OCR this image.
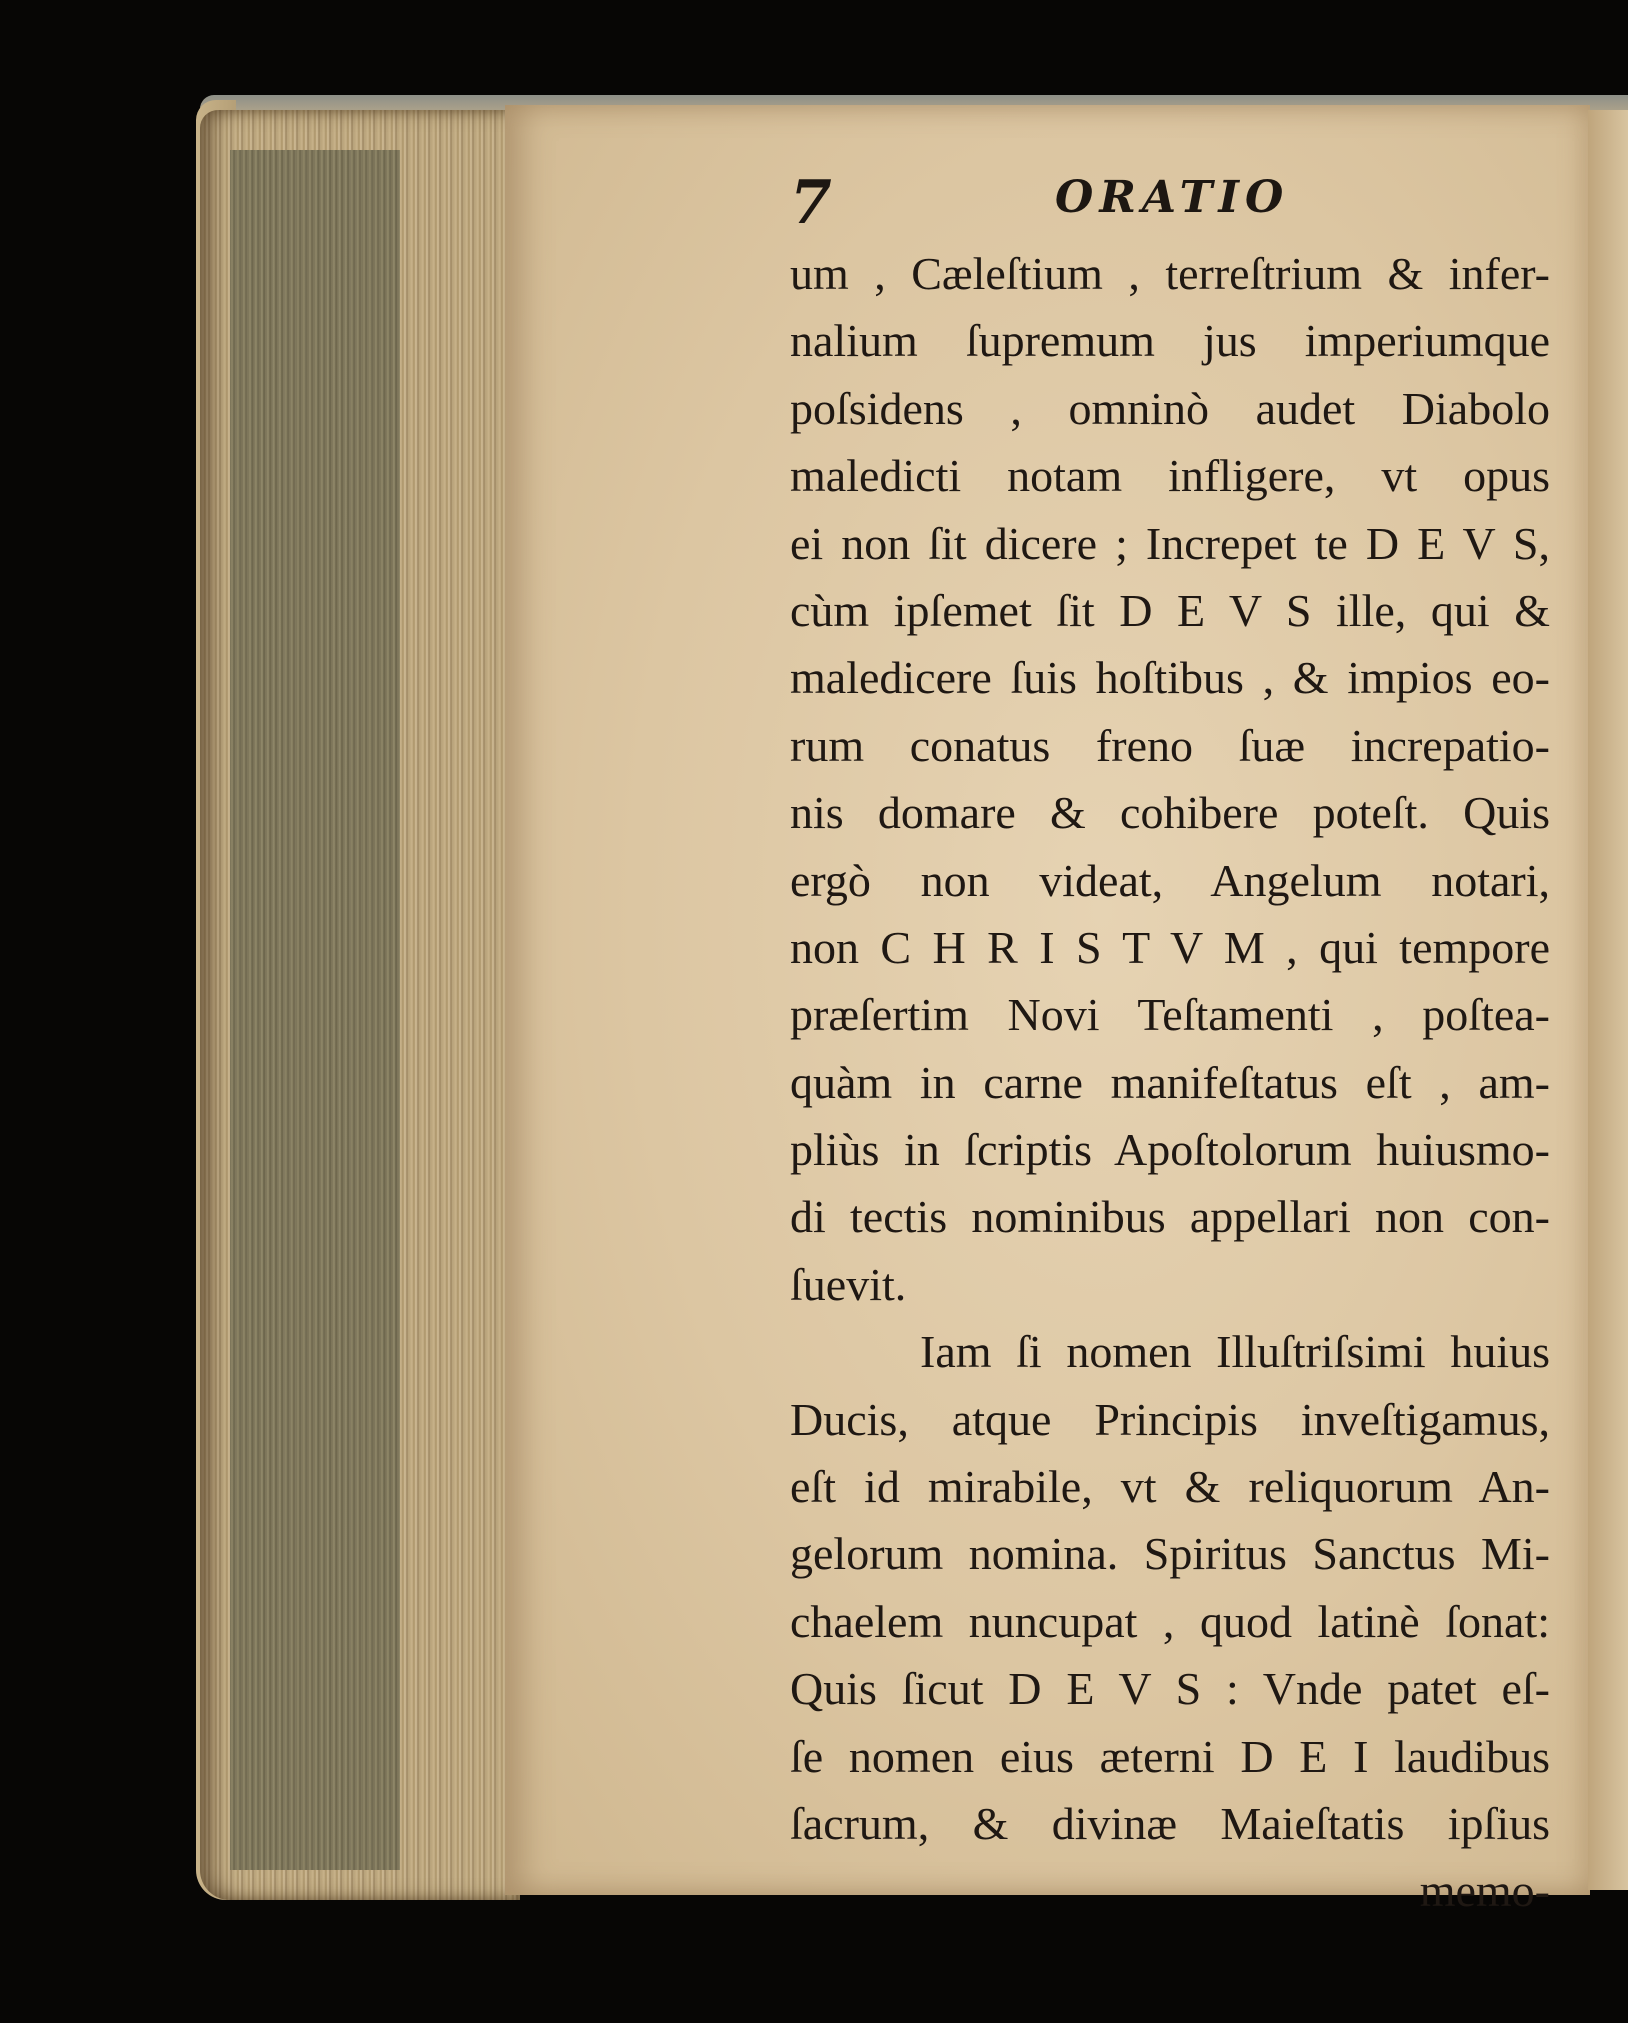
7	ORATIO
um , Cæleſtium , terreſtrium & infer-
nalium ſupremum jus imperiumque
poſsidens , omninò audet Diabolo
maledicti notam infligere, vt opus
ei non ſit dicere ; Increpet te D E V S,
cùm ipſemet ſit D E V S ille, qui &
maledicere ſuis hoſtibus , & impios eo-
rum conatus freno ſuæ increpatio-
nis domare & cohibere poteſt. Quis
ergò non videat, Angelum notari,
non C H R I S T V M , qui tempore
præſertim Novi Teſtamenti , poſtea-
quàm in carne manifeſtatus eſt , am-
pliùs in ſcriptis Apoſtolorum huiusmo-
di tectis nominibus appellari non con-
ſuevit.
Iam ſi nomen Illuſtriſsimi huius
Ducis, atque Principis inveſtigamus,
eſt id mirabile, vt & reliquorum An-
gelorum nomina. Spiritus Sanctus Mi-
chaelem nuncupat , quod latinè ſonat:
Quis ſicut D E V S : Vnde patet eſ-
ſe nomen eius æterni D E I laudibus
ſacrum, & divinæ Maieſtatis ipſius
memo-
